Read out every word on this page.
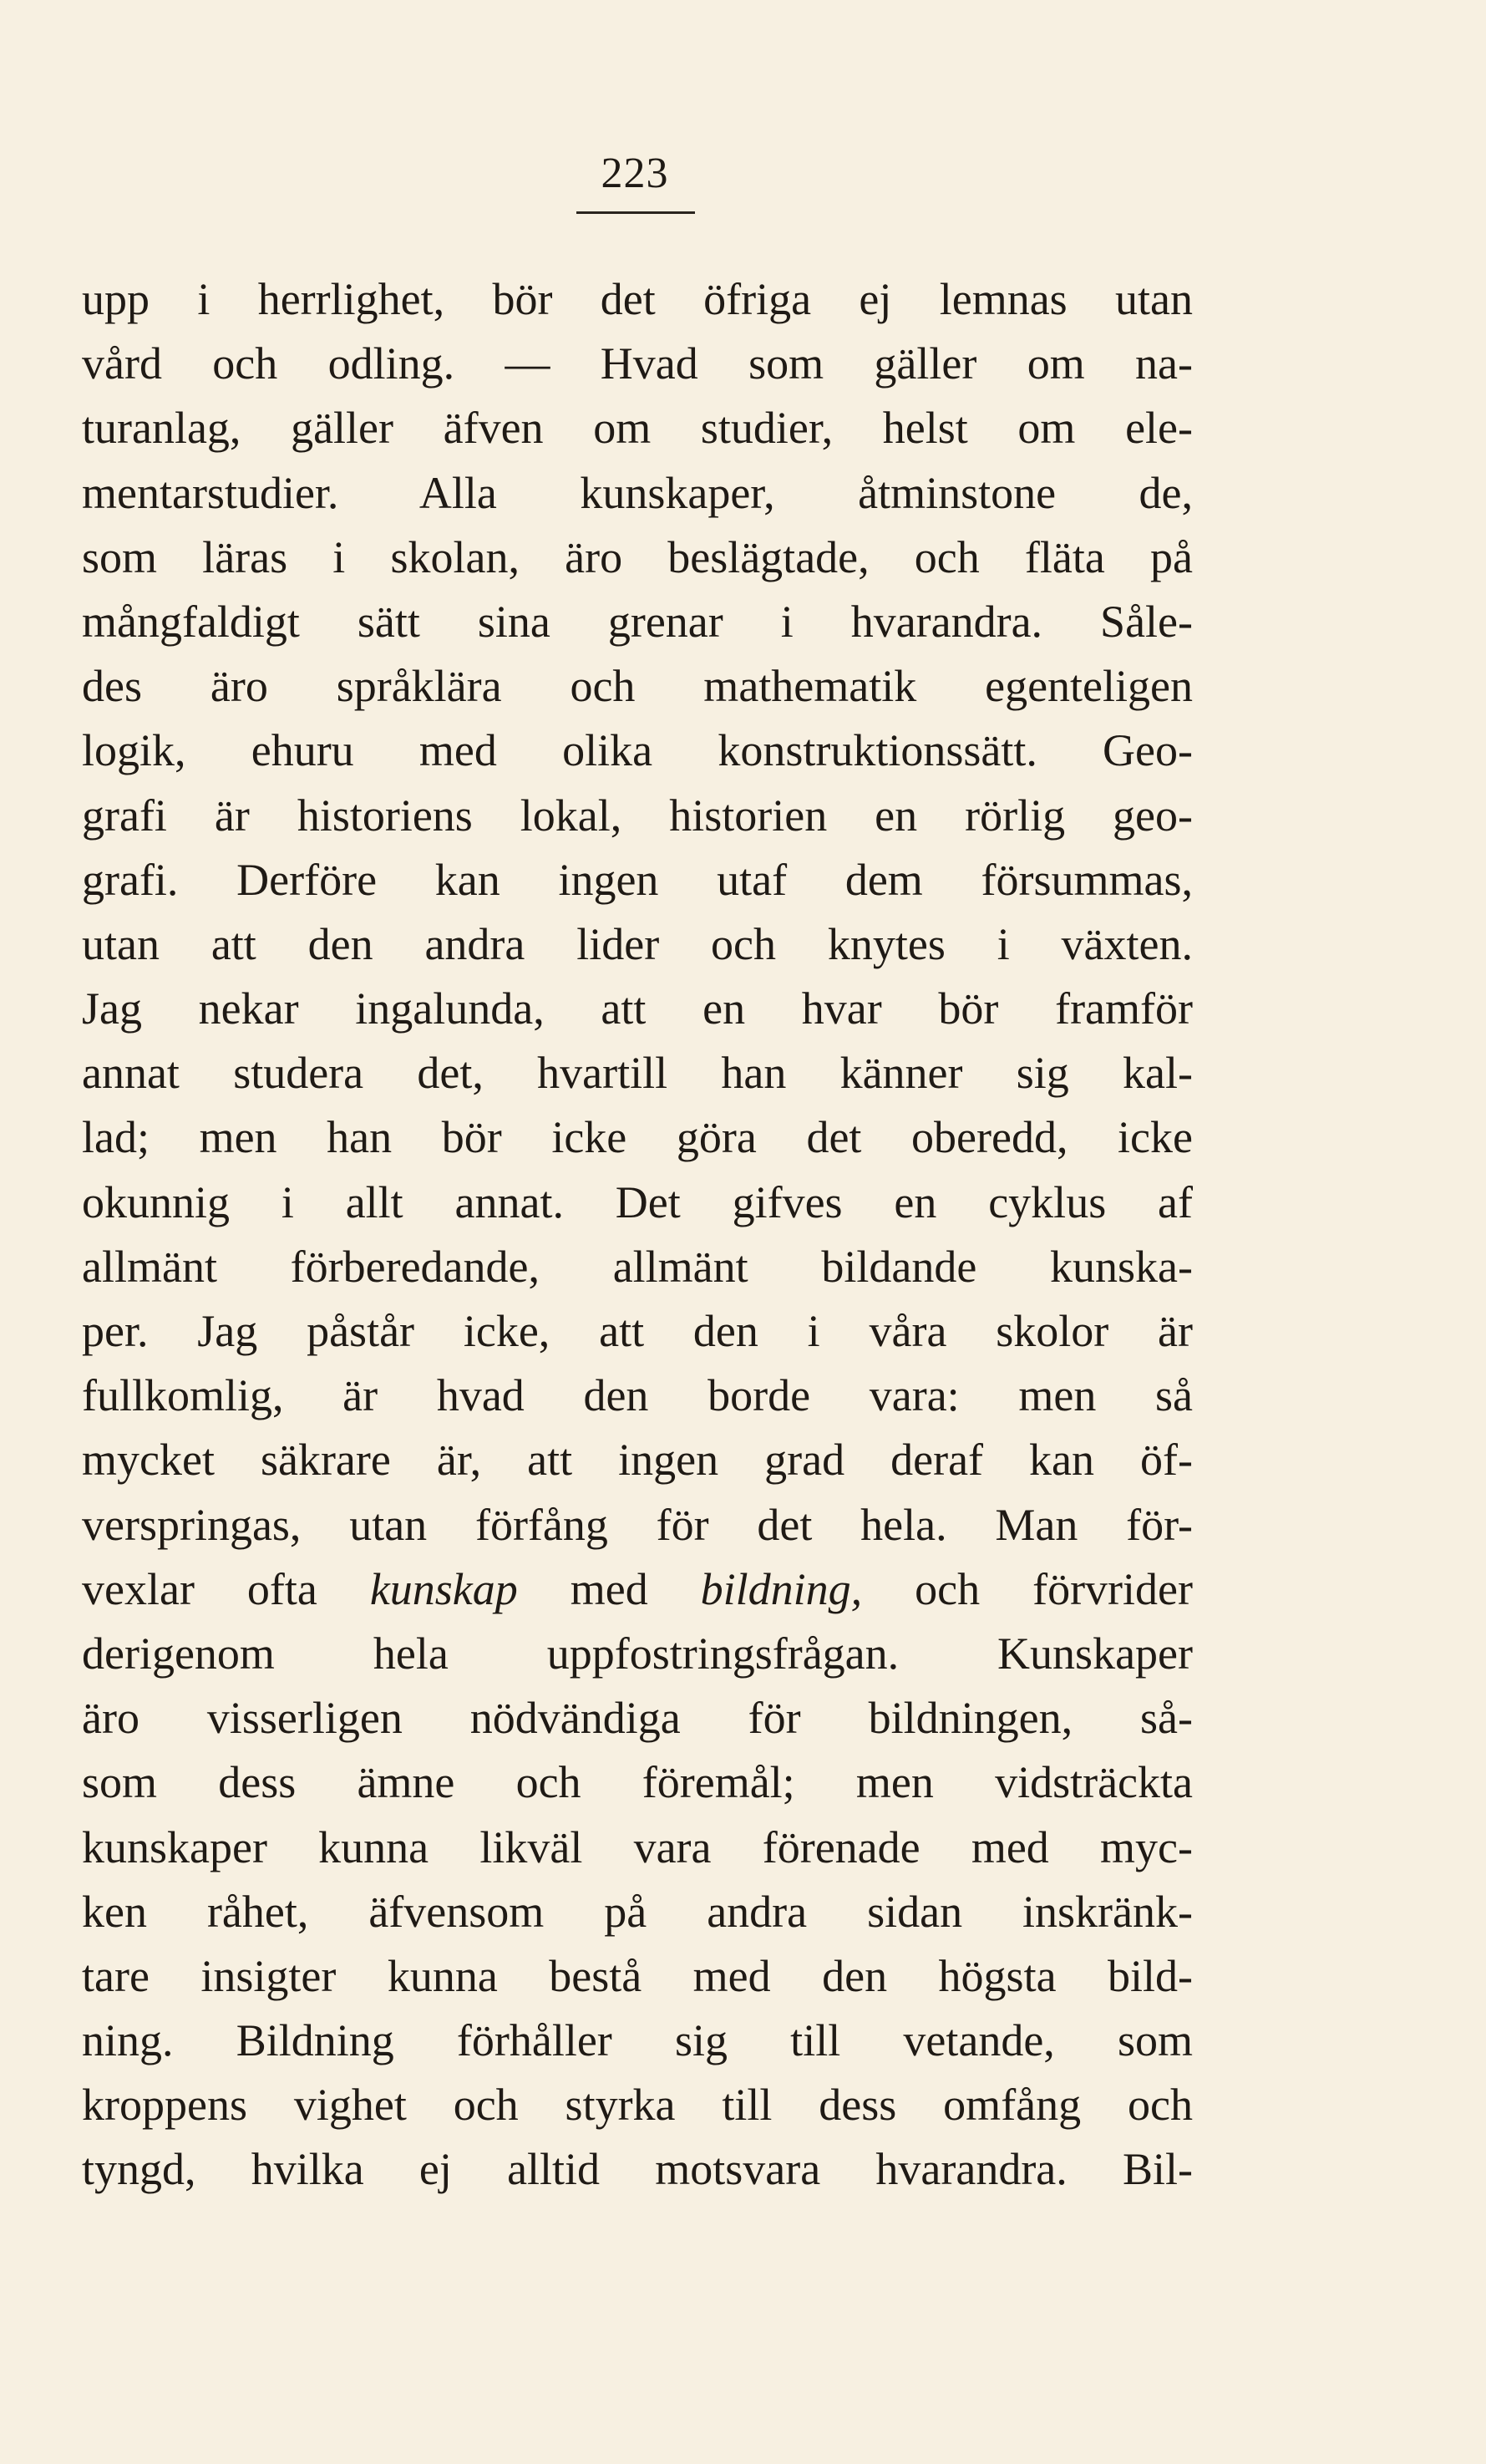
223
upp i herrlighet, bör det öfriga ej lemnas utan
vård och odling. — Hvad som gäller om na-
turanlag, gäller äfven om studier, helst om ele-
mentarstudier. Alla kunskaper, åtminstone de,
som läras i skolan, äro beslägtade, och fläta på
mångfaldigt sätt sina grenar i hvarandra. Såle-
des äro språklära och mathematik egenteligen
logik, ehuru med olika konstruktionssätt. Geo-
grafi är historiens lokal, historien en rörlig geo-
grafi. Derföre kan ingen utaf dem försummas,
utan att den andra lider och knytes i växten.
Jag nekar ingalunda, att en hvar bör framför
annat studera det, hvartill han känner sig kal-
lad; men han bör icke göra det oberedd, icke
okunnig i allt annat. Det gifves en cyklus af
allmänt förberedande, allmänt bildande kunska-
per. Jag påstår icke, att den i våra skolor är
fullkomlig, är hvad den borde vara: men så
mycket säkrare är, att ingen grad deraf kan öf-
verspringas, utan förfång för det hela. Man för-
vexlar ofta kunskap med bildning, och förvrider
derigenom hela uppfostringsfrågan. Kunskaper
äro visserligen nödvändiga för bildningen, så-
som dess ämne och föremål; men vidsträckta
kunskaper kunna likväl vara förenade med myc-
ken råhet, äfvensom på andra sidan inskränk-
tare insigter kunna bestå med den högsta bild-
ning. Bildning förhåller sig till vetande, som
kroppens vighet och styrka till dess omfång och
tyngd, hvilka ej alltid motsvara hvarandra. Bil-
